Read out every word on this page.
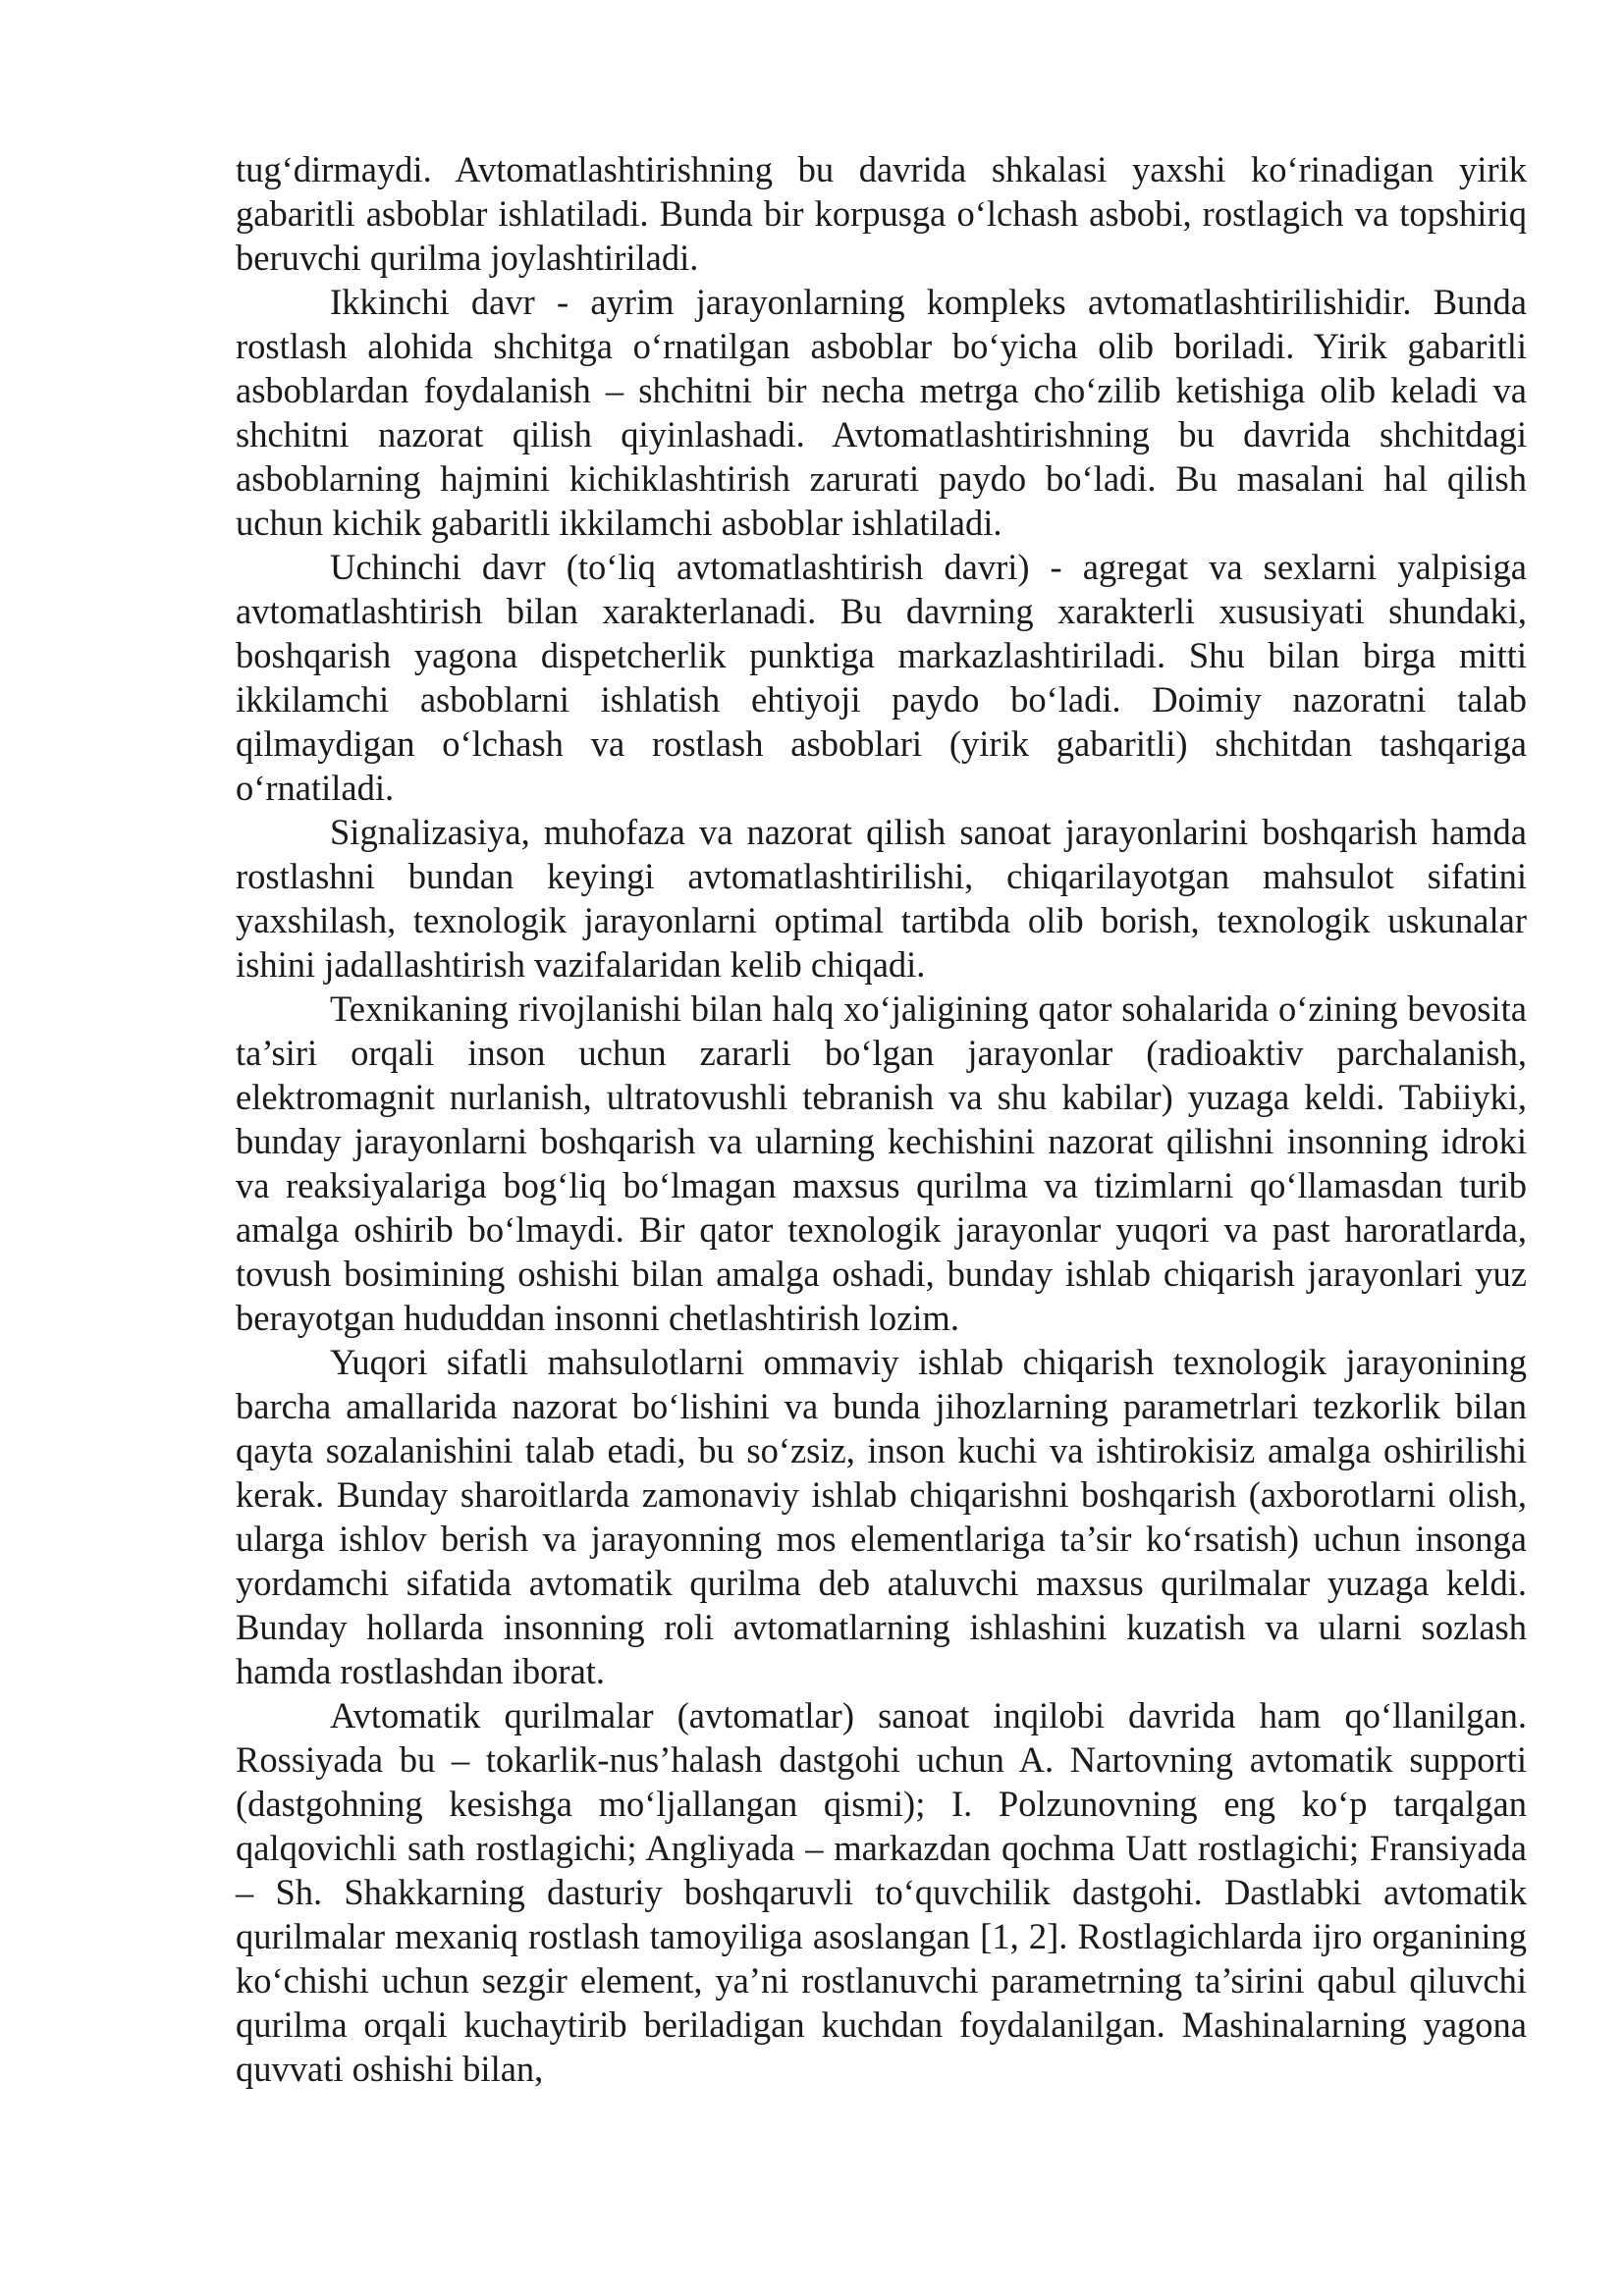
tug‘dirmaydi. Avtomatlashtirishning bu davrida shkalasi yaxshi ko‘rinadigan yirik gabaritli asboblar ishlatiladi. Bunda bir korpusga o‘lchash asbobi, rostlagich va topshiriq beruvchi qurilma joylashtiriladi.

Ikkinchi davr - ayrim jarayonlarning kompleks avtomatlashtirilishidir. Bunda rostlash alohida shchitga o‘rnatilgan asboblar bo‘yicha olib boriladi. Yirik gabaritli asboblardan foydalanish – shchitni bir necha metrga cho‘zilib ketishiga olib keladi va shchitni nazorat qilish qiyinlashadi. Avtomatlashtirishning bu davrida shchitdagi asboblarning hajmini kichiklashtirish zarurati paydo bo‘ladi. Bu masalani hal qilish uchun kichik gabaritli ikkilamchi asboblar ishlatiladi.

Uchinchi davr (to‘liq avtomatlashtirish davri) - agregat va sexlarni yalpisiga avtomatlashtirish bilan xarakterlanadi. Bu davrning xarakterli xususiyati shundaki, boshqarish yagona dispetcherlik punktiga markazlashtiriladi. Shu bilan birga mitti ikkilamchi asboblarni ishlatish ehtiyoji paydo bo‘ladi. Doimiy nazoratni talab qilmaydigan o‘lchash va rostlash asboblari (yirik gabaritli) shchitdan tashqariga o‘rnatiladi.

Signalizasiya, muhofaza va nazorat qilish sanoat jarayonlarini boshqarish hamda rostlashni bundan keyingi avtomatlashtirilishi, chiqarilayotgan mahsulot sifatini yaxshilash, texnologik jarayonlarni optimal tartibda olib borish, texnologik uskunalar ishini jadallashtirish vazifalaridan kelib chiqadi.

Texnikaning rivojlanishi bilan halq xo‘jaligining qator sohalarida o‘zining bevosita ta’siri orqali inson uchun zararli bo‘lgan jarayonlar (radioaktiv parchalanish, elektromagnit nurlanish, ultratovushli tebranish va shu kabilar) yuzaga keldi. Tabiiyki, bunday jarayonlarni boshqarish va ularning kechishini nazorat qilishni insonning idroki va reaksiyalariga bog‘liq bo‘lmagan maxsus qurilma va tizimlarni qo‘llamasdan turib amalga oshirib bo‘lmaydi. Bir qator texnologik jarayonlar yuqori va past haroratlarda, tovush bosimining oshishi bilan amalga oshadi, bunday ishlab chiqarish jarayonlari yuz berayotgan hududdan insonni chetlashtirish lozim.

Yuqori sifatli mahsulotlarni ommaviy ishlab chiqarish texnologik jarayonining barcha amallarida nazorat bo‘lishini va bunda jihozlarning parametrlari tezkorlik bilan qayta sozalanishini talab etadi, bu so‘zsiz, inson kuchi va ishtirokisiz amalga oshirilishi kerak. Bunday sharoitlarda zamonaviy ishlab chiqarishni boshqarish (axborotlarni olish, ularga ishlov berish va jarayonning mos elementlariga ta’sir ko‘rsatish) uchun insonga yordamchi sifatida avtomatik qurilma deb ataluvchi maxsus qurilmalar yuzaga keldi. Bunday hollarda insonning roli avtomatlarning ishlashini kuzatish va ularni sozlash hamda rostlashdan iborat.

Avtomatik qurilmalar (avtomatlar) sanoat inqilobi davrida ham qo‘llanilgan. Rossiyada bu – tokarlik-nus’halash dastgohi uchun A. Nartovning avtomatik supporti (dastgohning kesishga mo‘ljallangan qismi); I. Polzunovning eng ko‘p tarqalgan qalqovichli sath rostlagichi; Angliyada – markazdan qochma Uatt rostlagichi; Fransiyada – Sh. Shakkarning dasturiy boshqaruvli to‘quvchilik dastgohi. Dastlabki avtomatik qurilmalar mexaniq rostlash tamoyiliga asoslangan [1, 2]. Rostlagichlarda ijro organining ko‘chishi uchun sezgir element, ya’ni rostlanuvchi parametrning ta’sirini qabul qiluvchi qurilma orqali kuchaytirib beriladigan kuchdan foydalanilgan. Mashinalarning yagona quvvati oshishi bilan,
